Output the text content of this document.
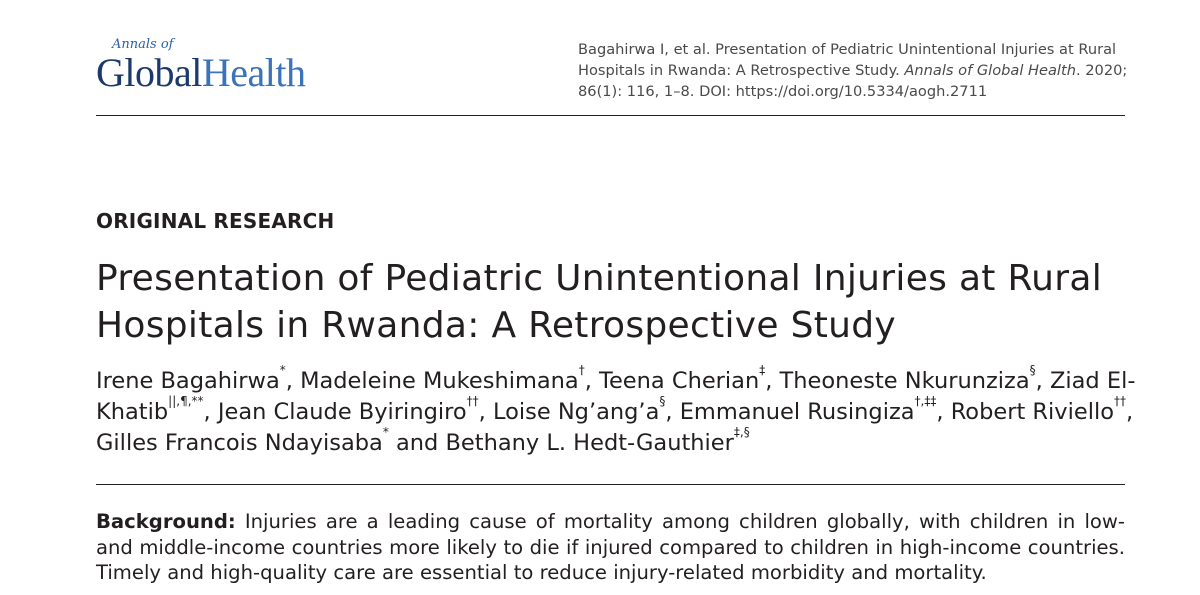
Annals of
GlobalHealth
Bagahirwa I, et al. Presentation of Pediatric Unintentional Injuries at Rural Hospitals in Rwanda: A Retrospective Study. Annals of Global Health. 2020; 86(1): 116, 1–8. DOI: https://doi.org/10.5334/aogh.2711
ORIGINAL RESEARCH
Presentation of Pediatric Unintentional Injuries at Rural Hospitals in Rwanda: A Retrospective Study
Irene Bagahirwa*, Madeleine Mukeshimana†, Teena Cherian‡, Theoneste Nkurunziza§, Ziad El-Khatib||,¶,**, Jean Claude Byiringiro††, Loise Ng’ang’a§, Emmanuel Rusingiza†,‡‡, Robert Riviello††, Gilles Francois Ndayisaba* and Bethany L. Hedt-Gauthier‡,§
Background: Injuries are a leading cause of mortality among children globally, with children in low- and middle-income countries more likely to die if injured compared to children in high-income countries. Timely and high-quality care are essential to reduce injury-related morbidity and mortality.
